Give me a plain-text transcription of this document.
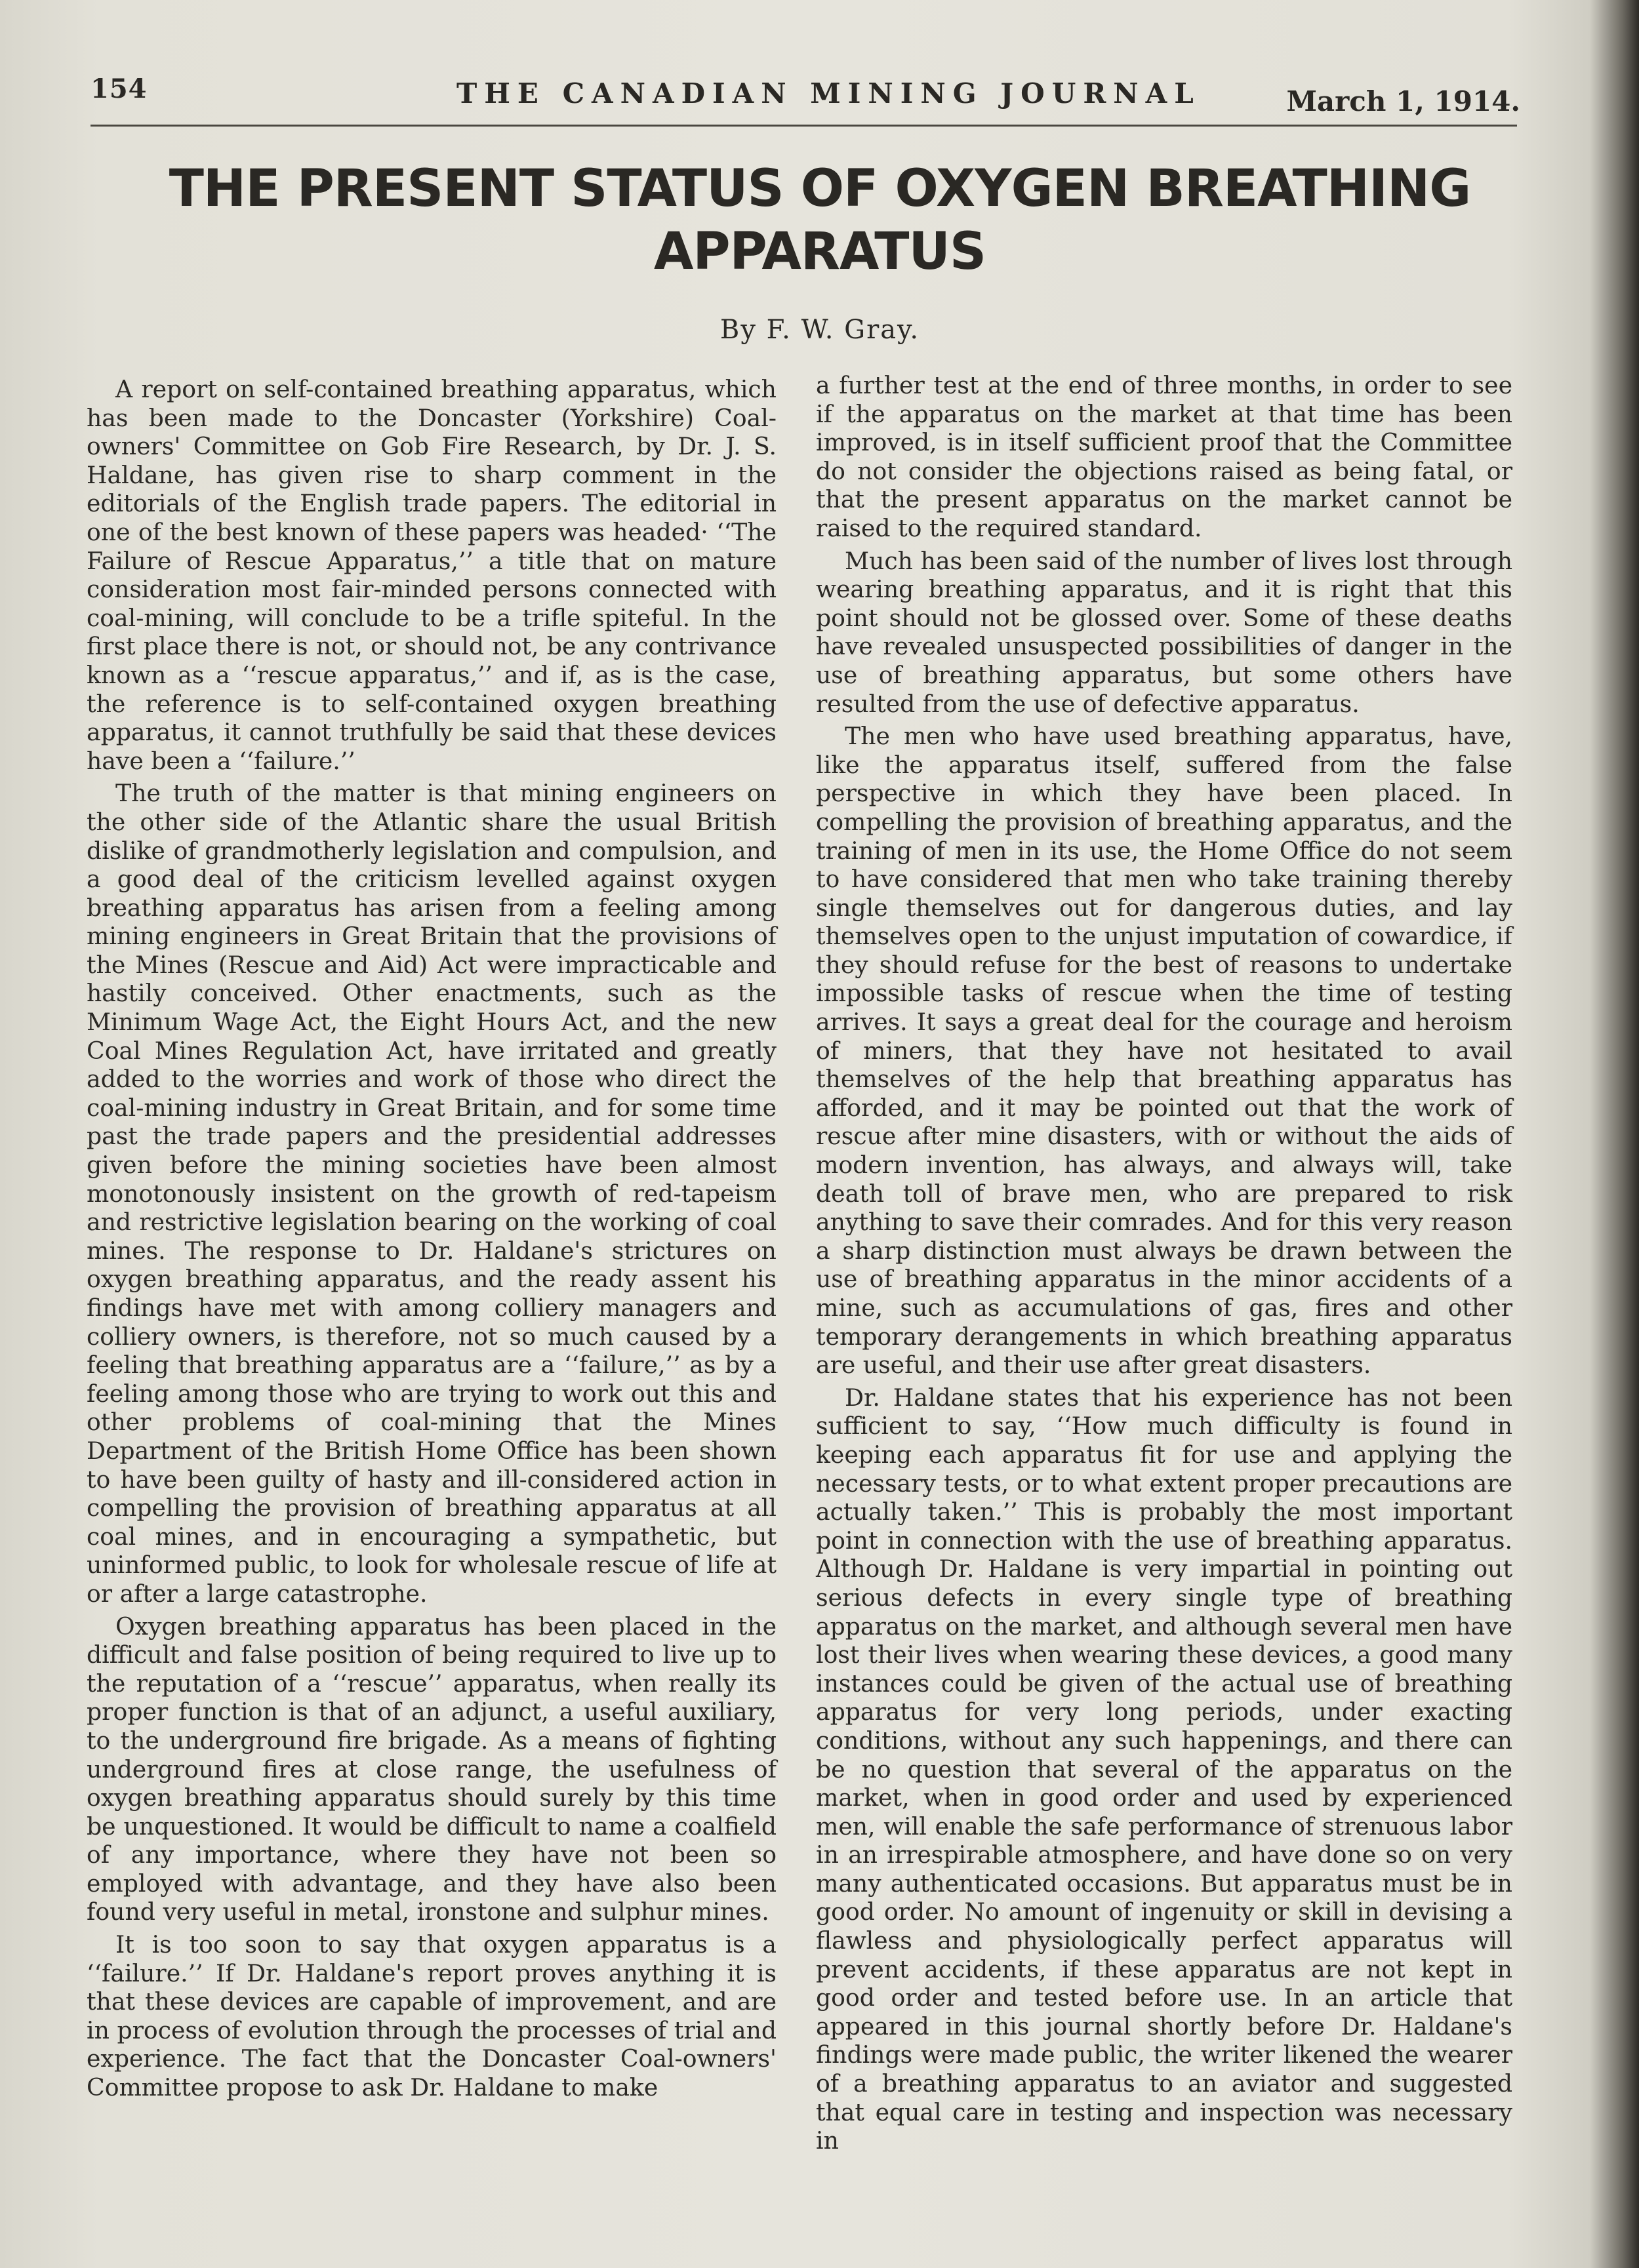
154	THE CANADIAN MINING JOURNAL	March 1, 1914.
THE PRESENT STATUS OF OXYGEN BREATHING APPARATUS
By F. W. Gray.

A report on self-contained breathing apparatus, which has been made to the Doncaster (Yorkshire) Coal-owners' Committee on Gob Fire Research, by Dr. J. S. Haldane, has given rise to sharp comment in the editorials of the English trade papers. The editorial in one of the best known of these papers was headed· ‘‘The Failure of Rescue Apparatus,’’ a title that on mature consideration most fair-minded persons connected with coal-mining, will conclude to be a trifle spiteful. In the first place there is not, or should not, be any contrivance known as a ‘‘rescue apparatus,’’ and if, as is the case, the reference is to self-contained oxygen breathing apparatus, it cannot truthfully be said that these devices have been a ‘‘failure.’’

The truth of the matter is that mining engineers on the other side of the Atlantic share the usual British dislike of grandmotherly legislation and compulsion, and a good deal of the criticism levelled against oxygen breathing apparatus has arisen from a feeling among mining engineers in Great Britain that the provisions of the Mines (Rescue and Aid) Act were impracticable and hastily conceived. Other enactments, such as the Minimum Wage Act, the Eight Hours Act, and the new Coal Mines Regulation Act, have irritated and greatly added to the worries and work of those who direct the coal-mining industry in Great Britain, and for some time past the trade papers and the presidential addresses given before the mining societies have been almost monotonously insistent on the growth of red-tapeism and restrictive legislation bearing on the working of coal mines. The response to Dr. Haldane's strictures on oxygen breathing apparatus, and the ready assent his findings have met with among colliery managers and colliery owners, is therefore, not so much caused by a feeling that breathing apparatus are a ‘‘failure,’’ as by a feeling among those who are trying to work out this and other problems of coal-mining that the Mines Department of the British Home Office has been shown to have been guilty of hasty and ill-considered action in compelling the provision of breathing apparatus at all coal mines, and in encouraging a sympathetic, but uninformed public, to look for wholesale rescue of life at or after a large catastrophe.

Oxygen breathing apparatus has been placed in the difficult and false position of being required to live up to the reputation of a ‘‘rescue’’ apparatus, when really its proper function is that of an adjunct, a useful auxiliary, to the underground fire brigade. As a means of fighting underground fires at close range, the usefulness of oxygen breathing apparatus should surely by this time be unquestioned. It would be difficult to name a coalfield of any importance, where they have not been so employed with advantage, and they have also been found very useful in metal, ironstone and sulphur mines.

It is too soon to say that oxygen apparatus is a ‘‘failure.’’ If Dr. Haldane's report proves anything it is that these devices are capable of improvement, and are in process of evolution through the processes of trial and experience. The fact that the Doncaster Coal-owners' Committee propose to ask Dr. Haldane to make

a further test at the end of three months, in order to see if the apparatus on the market at that time has been improved, is in itself sufficient proof that the Committee do not consider the objections raised as being fatal, or that the present apparatus on the market cannot be raised to the required standard.

Much has been said of the number of lives lost through wearing breathing apparatus, and it is right that this point should not be glossed over. Some of these deaths have revealed unsuspected possibilities of danger in the use of breathing apparatus, but some others have resulted from the use of defective apparatus.

The men who have used breathing apparatus, have, like the apparatus itself, suffered from the false perspective in which they have been placed. In compelling the provision of breathing apparatus, and the training of men in its use, the Home Office do not seem to have considered that men who take training thereby single themselves out for dangerous duties, and lay themselves open to the unjust imputation of cowardice, if they should refuse for the best of reasons to undertake impossible tasks of rescue when the time of testing arrives. It says a great deal for the courage and heroism of miners, that they have not hesitated to avail themselves of the help that breathing apparatus has afforded, and it may be pointed out that the work of rescue after mine disasters, with or without the aids of modern invention, has always, and always will, take death toll of brave men, who are prepared to risk anything to save their comrades. And for this very reason a sharp distinction must always be drawn between the use of breathing apparatus in the minor accidents of a mine, such as accumulations of gas, fires and other temporary derangements in which breathing apparatus are useful, and their use after great disasters.

Dr. Haldane states that his experience has not been sufficient to say, ‘‘How much difficulty is found in keeping each apparatus fit for use and applying the necessary tests, or to what extent proper precautions are actually taken.’’ This is probably the most important point in connection with the use of breathing apparatus. Although Dr. Haldane is very impartial in pointing out serious defects in every single type of breathing apparatus on the market, and although several men have lost their lives when wearing these devices, a good many instances could be given of the actual use of breathing apparatus for very long periods, under exacting conditions, without any such happenings, and there can be no question that several of the apparatus on the market, when in good order and used by experienced men, will enable the safe performance of strenuous labor in an irrespirable atmosphere, and have done so on very many authenticated occasions. But apparatus must be in good order. No amount of ingenuity or skill in devising a flawless and physiologically perfect apparatus will prevent accidents, if these apparatus are not kept in good order and tested before use. In an article that appeared in this journal shortly before Dr. Haldane's findings were made public, the writer likened the wearer of a breathing apparatus to an aviator and suggested that equal care in testing and inspection was necessary in
